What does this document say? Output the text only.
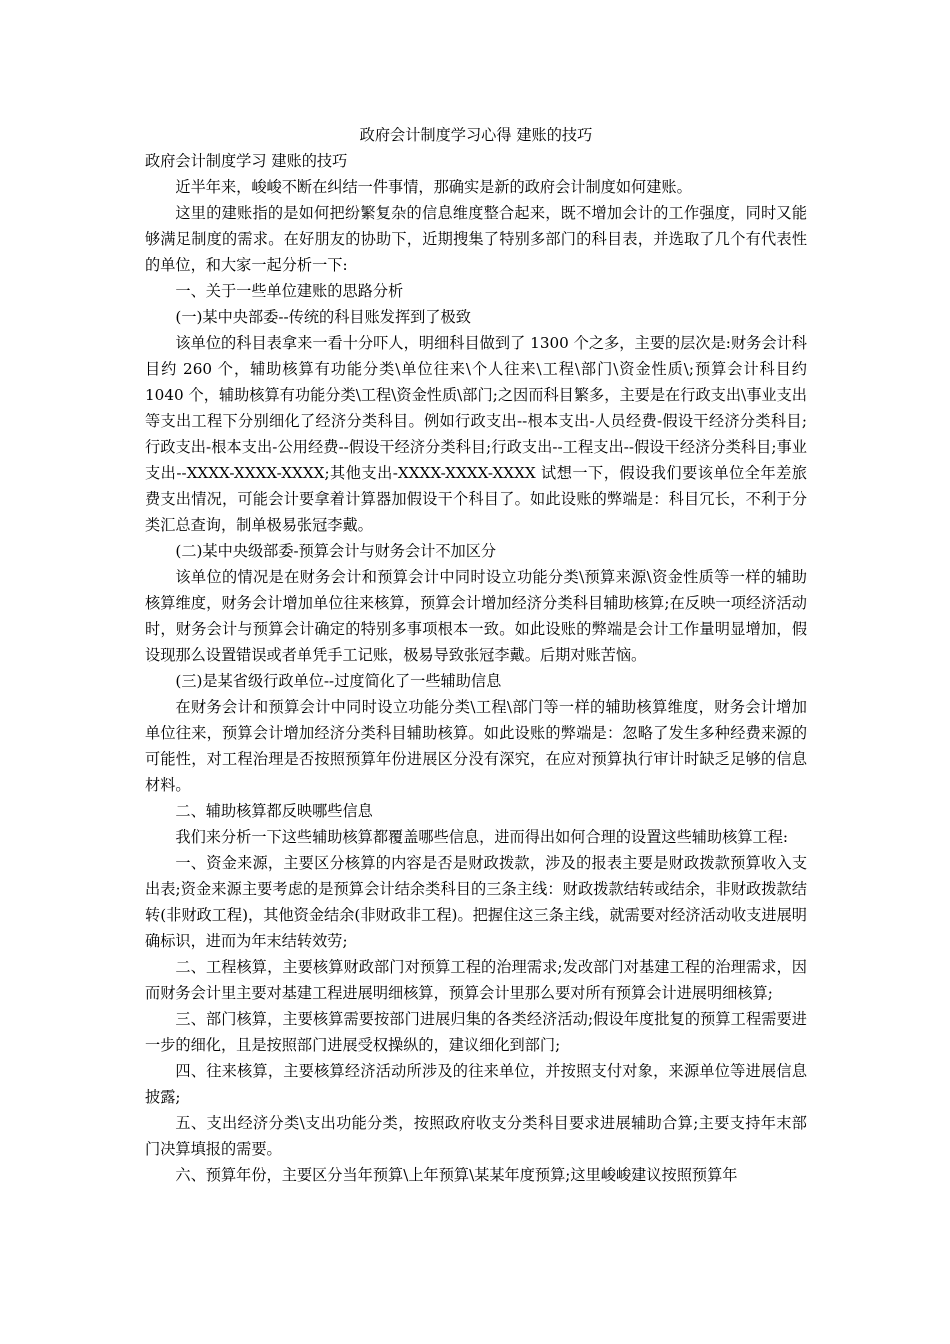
政府会计制度学习心得 建账的技巧
政府会计制度学习 建账的技巧

近半年来，峻峻不断在纠结一件事情，那确实是新的政府会计制度如何建账。

这里的建账指的是如何把纷繁复杂的信息维度整合起来，既不增加会计的工作强度，同时又能够满足制度的需求。在好朋友的协助下，近期搜集了特别多部门的科目表，并选取了几个有代表性的单位，和大家一起分析一下:

一、关于一些单位建账的思路分析

(一)某中央部委--传统的科目账发挥到了极致

该单位的科目表拿来一看十分吓人，明细科目做到了 1300 个之多，主要的层次是:财务会计科目约 260 个，辅助核算有功能分类\单位往来\个人往来\工程\部门\资金性质\;预算会计科目约 1040 个，辅助核算有功能分类\工程\资金性质\部门;之因而科目繁多，主要是在行政支出\事业支出等支出工程下分别细化了经济分类科目。例如行政支出--根本支出-人员经费-假设干经济分类科目;行政支出-根本支出-公用经费--假设干经济分类科目;行政支出--工程支出--假设干经济分类科目;事业支出--XXXX-XXXX-XXXX;其他支出-XXXX-XXXX-XXXX 试想一下，假设我们要该单位全年差旅费支出情况，可能会计要拿着计算器加假设干个科目了。如此设账的弊端是：科目冗长，不利于分类汇总查询，制单极易张冠李戴。

(二)某中央级部委-预算会计与财务会计不加区分

该单位的情况是在财务会计和预算会计中同时设立功能分类\预算来源\资金性质等一样的辅助核算维度，财务会计增加单位往来核算，预算会计增加经济分类科目辅助核算;在反映一项经济活动时，财务会计与预算会计确定的特别多事项根本一致。如此设账的弊端是会计工作量明显增加，假设现那么设置错误或者单凭手工记账，极易导致张冠李戴。后期对账苦恼。

(三)是某省级行政单位--过度简化了一些辅助信息

在财务会计和预算会计中同时设立功能分类\工程\部门等一样的辅助核算维度，财务会计增加单位往来，预算会计增加经济分类科目辅助核算。如此设账的弊端是：忽略了发生多种经费来源的可能性，对工程治理是否按照预算年份进展区分没有深究，在应对预算执行审计时缺乏足够的信息材料。

二、辅助核算都反映哪些信息

我们来分析一下这些辅助核算都覆盖哪些信息，进而得出如何合理的设置这些辅助核算工程:

一、资金来源，主要区分核算的内容是否是财政拨款，涉及的报表主要是财政拨款预算收入支出表;资金来源主要考虑的是预算会计结余类科目的三条主线：财政拨款结转或结余，非财政拨款结转(非财政工程)，其他资金结余(非财政非工程)。把握住这三条主线，就需要对经济活动收支进展明确标识，进而为年末结转效劳;

二、工程核算，主要核算财政部门对预算工程的治理需求;发改部门对基建工程的治理需求，因而财务会计里主要对基建工程进展明细核算，预算会计里那么要对所有预算会计进展明细核算;

三、部门核算，主要核算需要按部门进展归集的各类经济活动;假设年度批复的预算工程需要进一步的细化，且是按照部门进展受权操纵的，建议细化到部门;

四、往来核算，主要核算经济活动所涉及的往来单位，并按照支付对象，来源单位等进展信息披露;

五、支出经济分类\支出功能分类，按照政府收支分类科目要求进展辅助合算;主要支持年末部门决算填报的需要。

六、预算年份，主要区分当年预算\上年预算\某某年度预算;这里峻峻建议按照预算年
